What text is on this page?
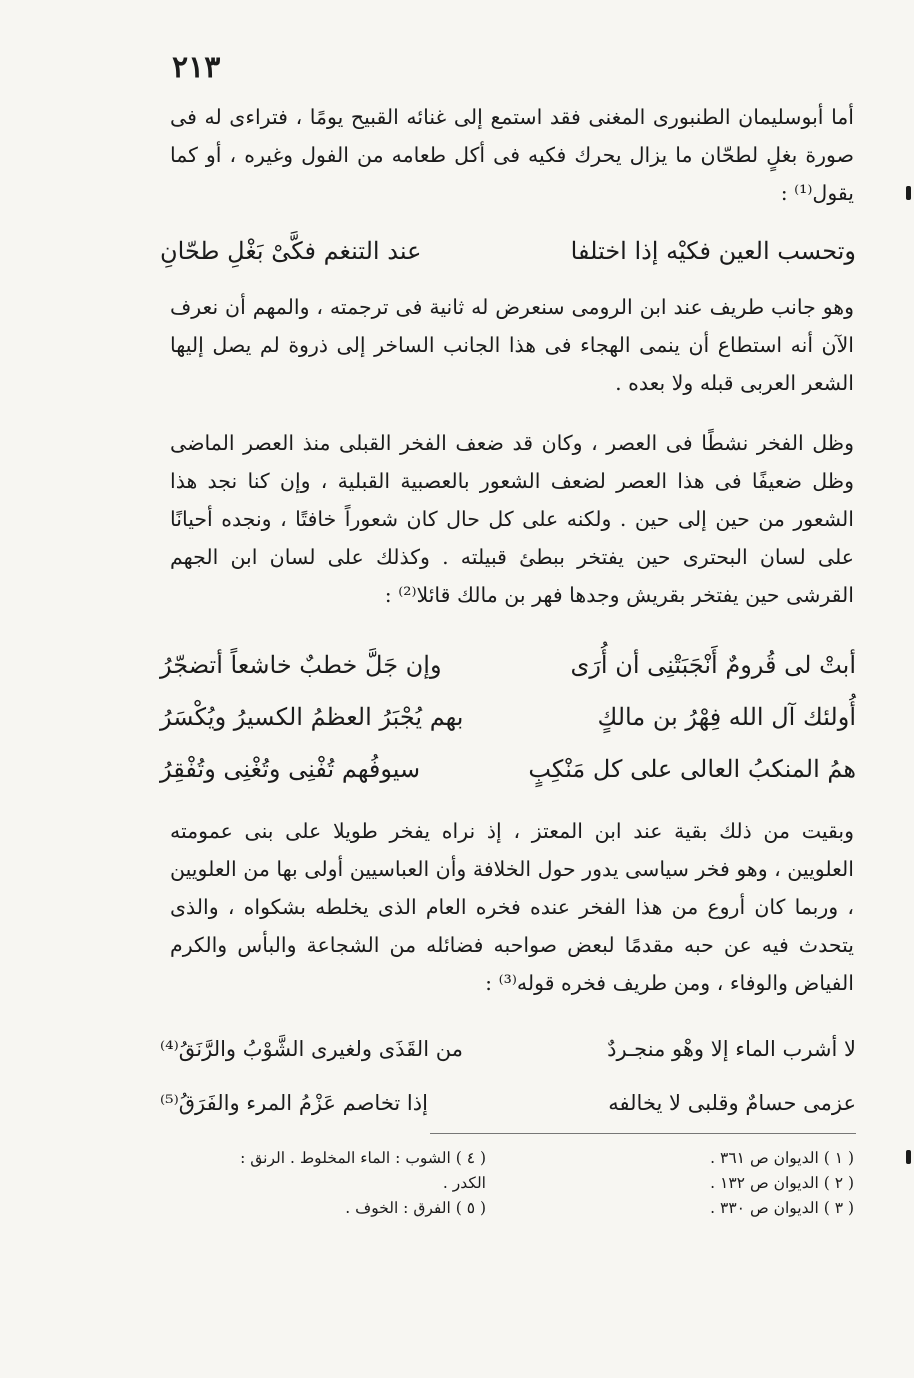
٢١٣
أما أبوسليمان الطنبورى المغنى فقد استمع إلى غنائه القبيح يومًا ، فتراءى له فى صورة بغلٍ لطحّان ما يزال يحرك فكيه فى أكل طعامه من الفول وغيره ، أو كما يقول⁽¹⁾ :
وتحسب العين فكيْه إذا اختلفا
عند التنغم فكَّىْ بَغْلِ طحّانِ
وهو جانب طريف عند ابن الرومى سنعرض له ثانية فى ترجمته ، والمهم أن نعرف الآن أنه استطاع أن ينمى الهجاء فى هذا الجانب الساخر إلى ذروة لم يصل إليها الشعر العربى قبله ولا بعده .
وظل الفخر نشطًا فى العصر ، وكان قد ضعف الفخر القبلى منذ العصر الماضى وظل ضعيفًا فى هذا العصر لضعف الشعور بالعصبية القبلية ، وإن كنا نجد هذا الشعور من حين إلى حين . ولكنه على كل حال كان شعوراً خافتًا ، ونجده أحيانًا على لسان البحترى حين يفتخر ببطئ قبيلته . وكذلك على لسان ابن الجهم القرشى حين يفتخر بقريش وجدها فهر بن مالك قائلا⁽²⁾ :
أبتْ لى قُرومٌ أَنْجَبَتْنِى أن أُرَى
وإن جَلَّ خطبٌ خاشعاً أتضجّرُ
أُولئك آل الله فِهْرُ بن مالكٍ
بهم يُجْبَرُ العظمُ الكسيرُ ويُكْسَرُ
همُ المنكبُ العالى على كل مَنْكِبٍ
سيوفُهم تُفْنِى وتُغْنِى وتُفْقِرُ
وبقيت من ذلك بقية عند ابن المعتز ، إذ نراه يفخر طويلا على بنى عمومته العلويين ، وهو فخر سياسى يدور حول الخلافة وأن العباسيين أولى بها من العلويين ، وربما كان أروع من هذا الفخر عنده فخره العام الذى يخلطه بشكواه ، والذى يتحدث فيه عن حبه مقدمًا لبعض صواحبه فضائله من الشجاعة والبأس والكرم الفياض والوفاء ، ومن طريف فخره قوله⁽³⁾ :
لا أشرب الماء إلا وهْو منجـردٌ
من القَذَى ولغيرى الشَّوْبُ والرَّنَقُ⁽⁴⁾
عزمى حسامٌ وقلبى لا يخالفه
إذا تخاصم عَزْمُ المرء والفَرَقُ⁽⁵⁾
( ١ ) الديوان ص ٣٦١ .
( ٢ ) الديوان ص ١٣٢ .
( ٣ ) الديوان ص ٣٣٠ .
( ٤ ) الشوب : الماء المخلوط . الرنق :
الكدر .
( ٥ ) الفرق : الخوف .
